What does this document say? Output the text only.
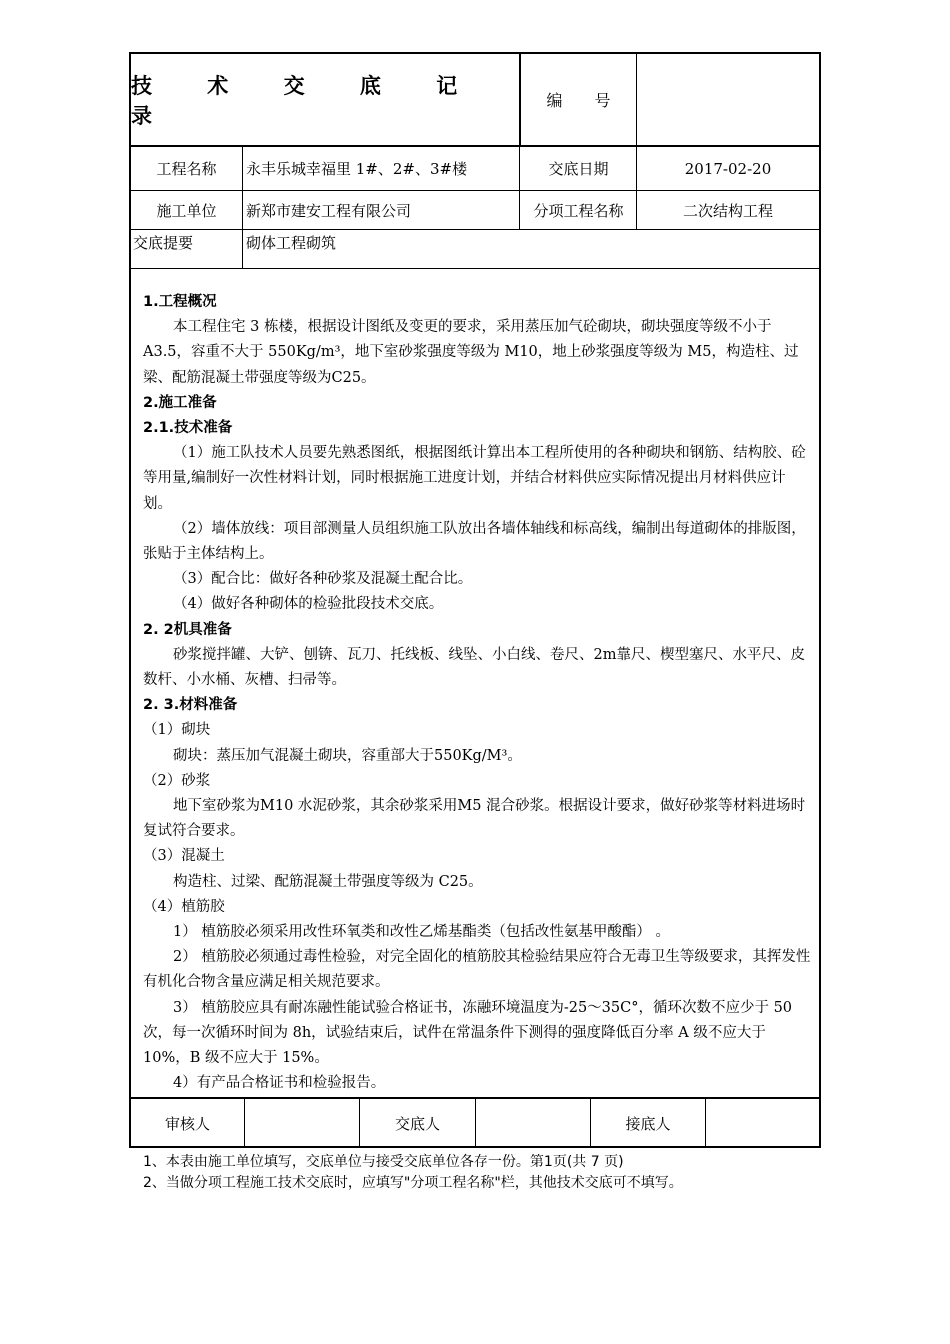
技 术 交 底 记 录
编　　号
工程名称	永丰乐城幸福里 1#、2#、3#楼	交底日期	2017-02-20
施工单位	新郑市建安工程有限公司	分项工程名称	二次结构工程
交底提要	砌体工程砌筑

1.工程概况

本工程住宅 3 栋楼，根据设计图纸及变更的要求，采用蒸压加气砼砌块，砌块强度等级不小于 A3.5，容重不大于 550Kg/m³，地下室砂浆强度等级为 M10，地上砂浆强度等级为 M5，构造柱、过梁、配筋混凝土带强度等级为C25。

2.施工准备

2.1.技术准备

（1）施工队技术人员要先熟悉图纸，根据图纸计算出本工程所使用的各种砌块和钢筋、结构胶、砼等用量,编制好一次性材料计划，同时根据施工进度计划，并结合材料供应实际情况提出月材料供应计划。

（2）墙体放线：项目部测量人员组织施工队放出各墙体轴线和标高线，编制出每道砌体的排版图，张贴于主体结构上。

（3）配合比：做好各种砂浆及混凝土配合比。

（4）做好各种砌体的检验批段技术交底。

2. 2机具准备

砂浆搅拌罐、大铲、刨锛、瓦刀、托线板、线坠、小白线、卷尺、2m靠尺、楔型塞尺、水平尺、皮数杆、小水桶、灰槽、扫帚等。

2. 3.材料准备

（1）砌块

砌块：蒸压加气混凝土砌块，容重部大于550Kg/M³。

（2）砂浆

地下室砂浆为M10 水泥砂浆，其余砂浆采用M5 混合砂浆。根据设计要求，做好砂浆等材料进场时复试符合要求。

（3）混凝土

构造柱、过梁、配筋混凝土带强度等级为 C25。

（4）植筋胶

1） 植筋胶必须采用改性环氧类和改性乙烯基酯类（包括改性氨基甲酸酯） 。

2） 植筋胶必须通过毒性检验，对完全固化的植筋胶其检验结果应符合无毒卫生等级要求，其挥发性有机化合物含量应满足相关规范要求。

3） 植筋胶应具有耐冻融性能试验合格证书，冻融环境温度为-25～35C°，循环次数不应少于 50 次，每一次循环时间为 8h，试验结束后，试件在常温条件下测得的强度降低百分率 A 级不应大于 10%，B 级不应大于 15%。

4）有产品合格证书和检验报告。

审核人	交底人	接底人

1、本表由施工单位填写，交底单位与接受交底单位各存一份。第1页(共 7 页)

2、当做分项工程施工技术交底时，应填写"分项工程名称"栏，其他技术交底可不填写。
